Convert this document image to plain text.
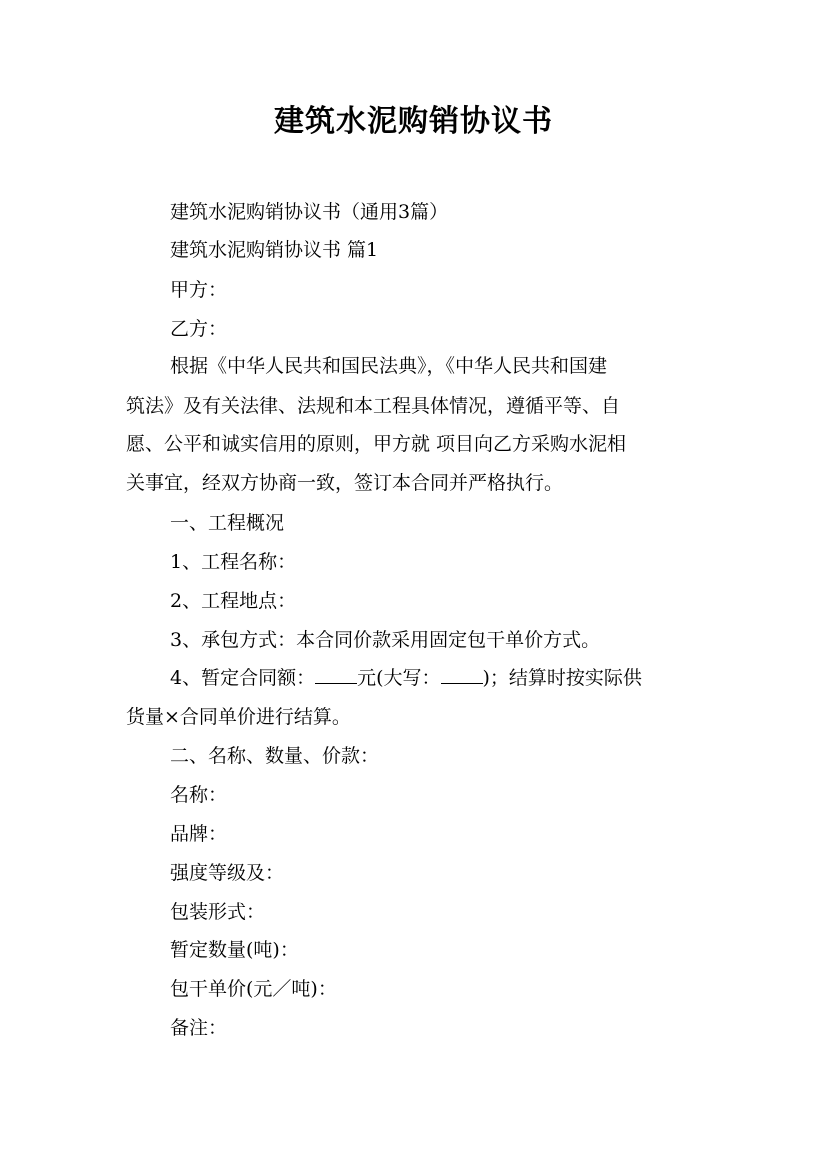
建筑水泥购销协议书
建筑水泥购销协议书（通用3篇）
建筑水泥购销协议书 篇1
甲方：
乙方：
根据《中华人民共和国民法典》，《中华人民共和国建
筑法》及有关法律、法规和本工程具体情况，遵循平等、自
愿、公平和诚实信用的原则，甲方就 项目向乙方采购水泥相
关事宜，经双方协商一致，签订本合同并严格执行。
一、工程概况
1、工程名称：
2、工程地点：
3、承包方式：本合同价款采用固定包干单价方式。
4、暂定合同额： 元(大写： )；结算时按实际供
货量×合同单价进行结算。
二、名称、数量、价款：
名称：
品牌：
强度等级及：
包装形式：
暂定数量(吨)：
包干单价(元／吨)：
备注：
